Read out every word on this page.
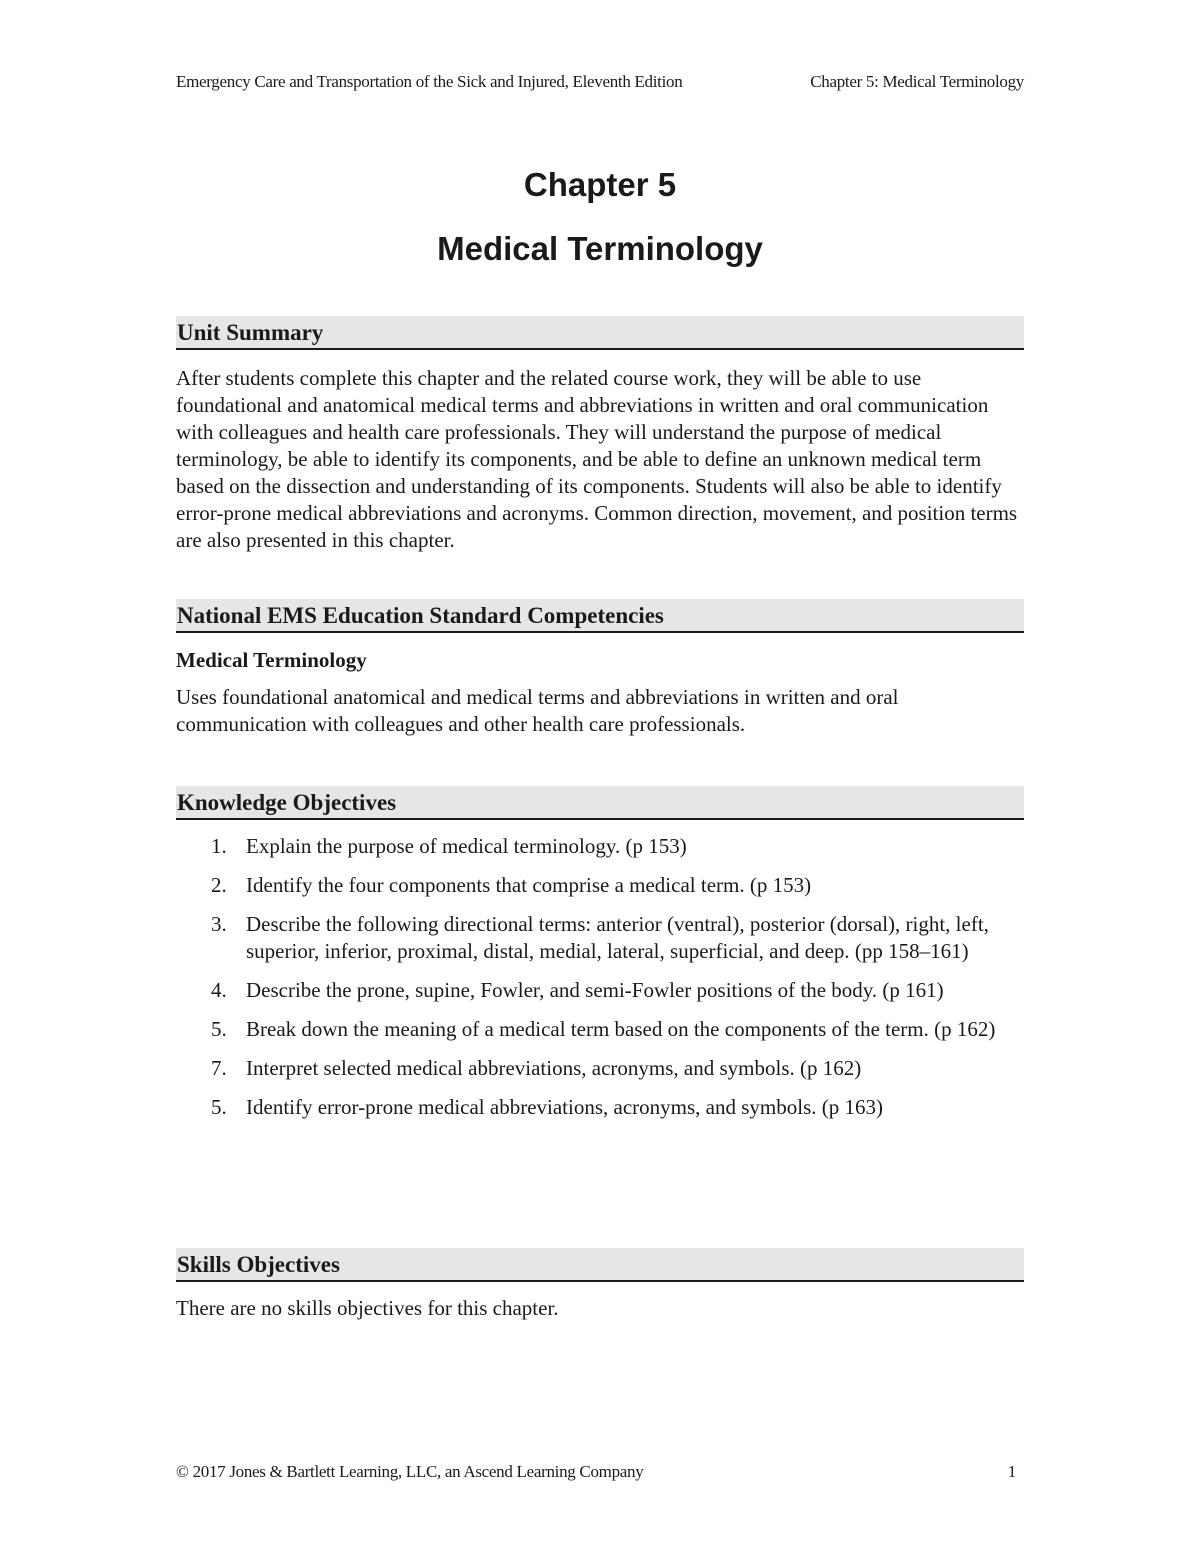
Emergency Care and Transportation of the Sick and Injured, Eleventh Edition	Chapter 5: Medical Terminology
Chapter 5
Medical Terminology
Unit Summary
After students complete this chapter and the related course work, they will be able to use foundational and anatomical medical terms and abbreviations in written and oral communication with colleagues and health care professionals. They will understand the purpose of medical terminology, be able to identify its components, and be able to define an unknown medical term based on the dissection and understanding of its components. Students will also be able to identify error-prone medical abbreviations and acronyms. Common direction, movement, and position terms are also presented in this chapter.
National EMS Education Standard Competencies
Medical Terminology
Uses foundational anatomical and medical terms and abbreviations in written and oral communication with colleagues and other health care professionals.
Knowledge Objectives
1. Explain the purpose of medical terminology. (p 153)
2. Identify the four components that comprise a medical term. (p 153)
3. Describe the following directional terms: anterior (ventral), posterior (dorsal), right, left, superior, inferior, proximal, distal, medial, lateral, superficial, and deep. (pp 158–161)
4. Describe the prone, supine, Fowler, and semi-Fowler positions of the body. (p 161)
5. Break down the meaning of a medical term based on the components of the term. (p 162)
7. Interpret selected medical abbreviations, acronyms, and symbols. (p 162)
5. Identify error-prone medical abbreviations, acronyms, and symbols. (p 163)
Skills Objectives
There are no skills objectives for this chapter.
© 2017 Jones & Bartlett Learning, LLC, an Ascend Learning Company	1
